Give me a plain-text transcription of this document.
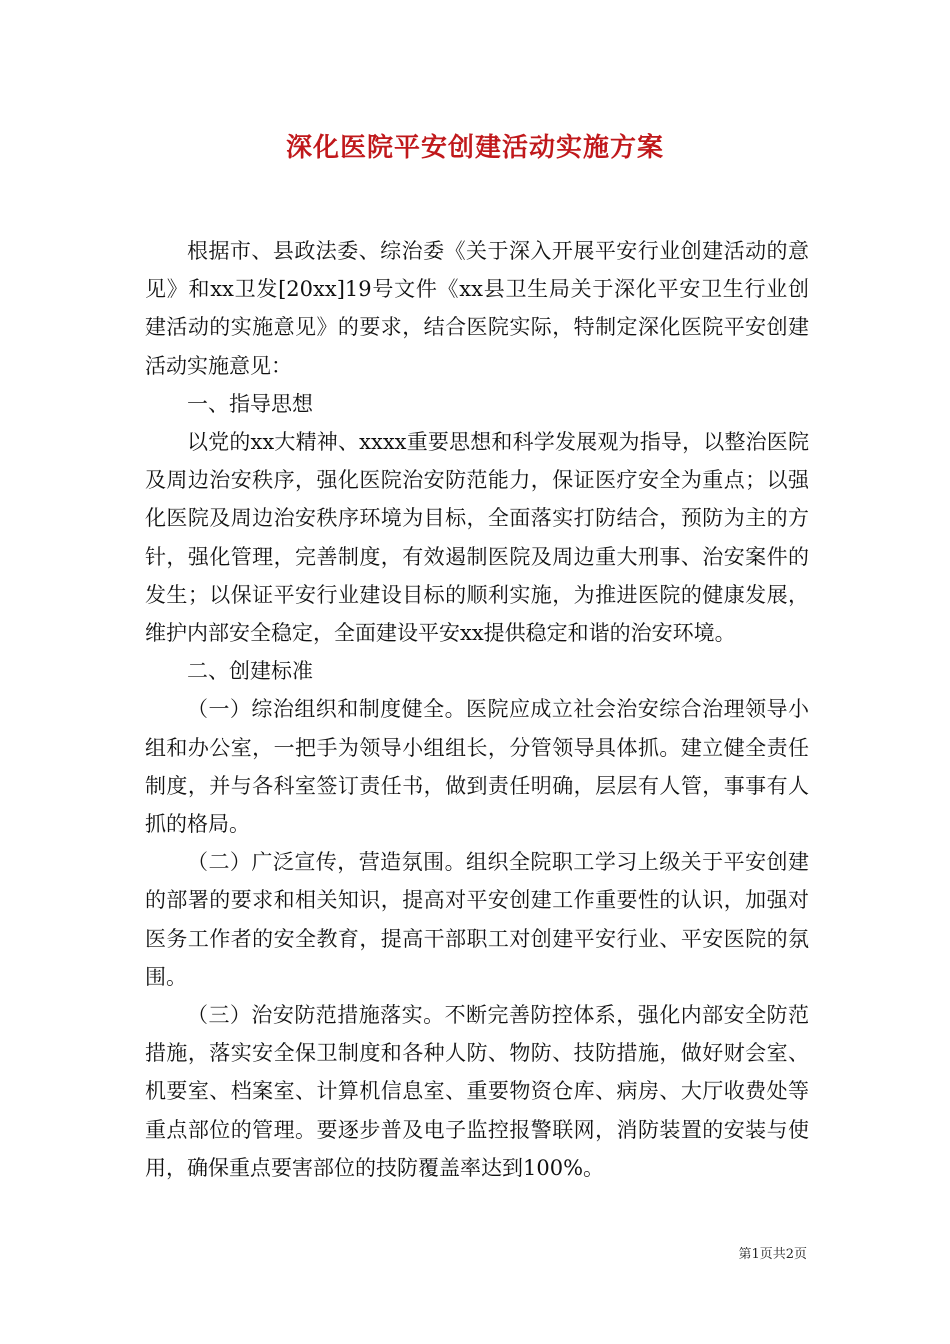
深化医院平安创建活动实施方案

根据市、县政法委、综治委《关于深入开展平安行业创建活动的意见》和xx卫发[20xx]19号文件《xx县卫生局关于深化平安卫生行业创建活动的实施意见》的要求，结合医院实际，特制定深化医院平安创建活动实施意见：

一、指导思想

以党的xx大精神、xxxx重要思想和科学发展观为指导，以整治医院及周边治安秩序，强化医院治安防范能力，保证医疗安全为重点；以强化医院及周边治安秩序环境为目标，全面落实打防结合，预防为主的方针，强化管理，完善制度，有效遏制医院及周边重大刑事、治安案件的发生；以保证平安行业建设目标的顺利实施，为推进医院的健康发展，维护内部安全稳定，全面建设平安xx提供稳定和谐的治安环境。

二、创建标准

（一）综治组织和制度健全。医院应成立社会治安综合治理领导小组和办公室，一把手为领导小组组长，分管领导具体抓。建立健全责任制度，并与各科室签订责任书，做到责任明确，层层有人管，事事有人抓的格局。

（二）广泛宣传，营造氛围。组织全院职工学习上级关于平安创建的部署的要求和相关知识，提高对平安创建工作重要性的认识，加强对医务工作者的安全教育，提高干部职工对创建平安行业、平安医院的氛围。

（三）治安防范措施落实。不断完善防控体系，强化内部安全防范措施，落实安全保卫制度和各种人防、物防、技防措施，做好财会室、机要室、档案室、计算机信息室、重要物资仓库、病房、大厅收费处等重点部位的管理。要逐步普及电子监控报警联网，消防装置的安装与使用，确保重点要害部位的技防覆盖率达到100%。

第1页共2页
